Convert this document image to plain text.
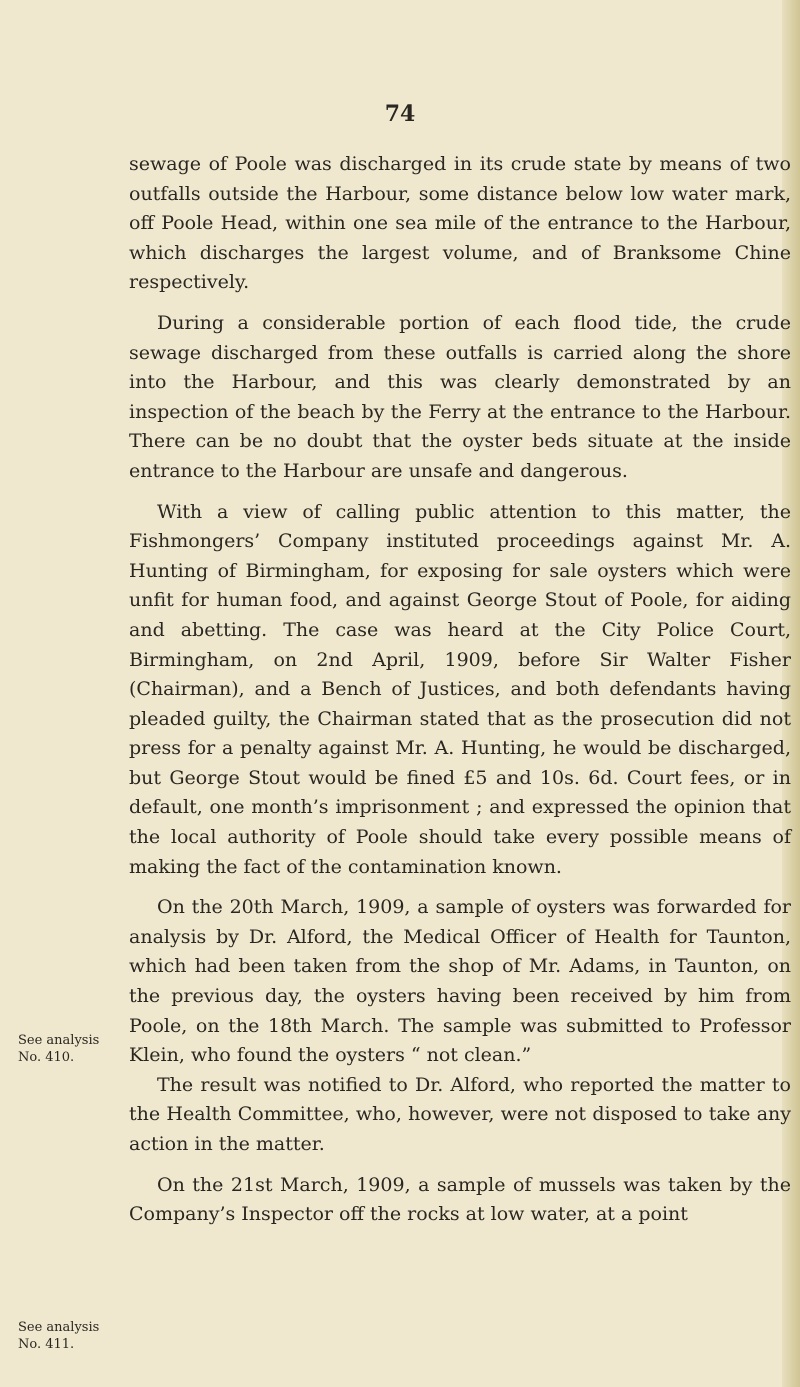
74
See analysis No. 410.
See analysis No. 411.

sewage of Poole was discharged in its crude state by means of two outfalls outside the Harbour, some distance below low water mark, off Poole Head, within one sea mile of the entrance to the Harbour, which discharges the largest volume, and of Branksome Chine respectively.

During a considerable portion of each flood tide, the crude sewage discharged from these outfalls is carried along the shore into the Harbour, and this was clearly demonstrated by an inspection of the beach by the Ferry at the entrance to the Harbour. There can be no doubt that the oyster beds situate at the inside entrance to the Harbour are unsafe and dangerous.

With a view of calling public attention to this matter, the Fishmongers’ Company instituted proceedings against Mr. A. Hunting of Birmingham, for exposing for sale oysters which were unfit for human food, and against George Stout of Poole, for aiding and abetting. The case was heard at the City Police Court, Birmingham, on 2nd April, 1909, before Sir Walter Fisher (Chairman), and a Bench of Justices, and both defendants having pleaded guilty, the Chairman stated that as the prosecution did not press for a penalty against Mr. A. Hunting, he would be discharged, but George Stout would be fined £5 and 10s. 6d. Court fees, or in default, one month’s imprisonment ; and expressed the opinion that the local authority of Poole should take every possible means of making the fact of the contamination known.

On the 20th March, 1909, a sample of oysters was forwarded for analysis by Dr. Alford, the Medical Officer of Health for Taunton, which had been taken from the shop of Mr. Adams, in Taunton, on the previous day, the oysters having been received by him from Poole, on the 18th March. The sample was submitted to Professor Klein, who found the oysters “ not clean.”

The result was notified to Dr. Alford, who reported the matter to the Health Committee, who, however, were not disposed to take any action in the matter.

On the 21st March, 1909, a sample of mussels was taken by the Company’s Inspector off the rocks at low water, at a point
